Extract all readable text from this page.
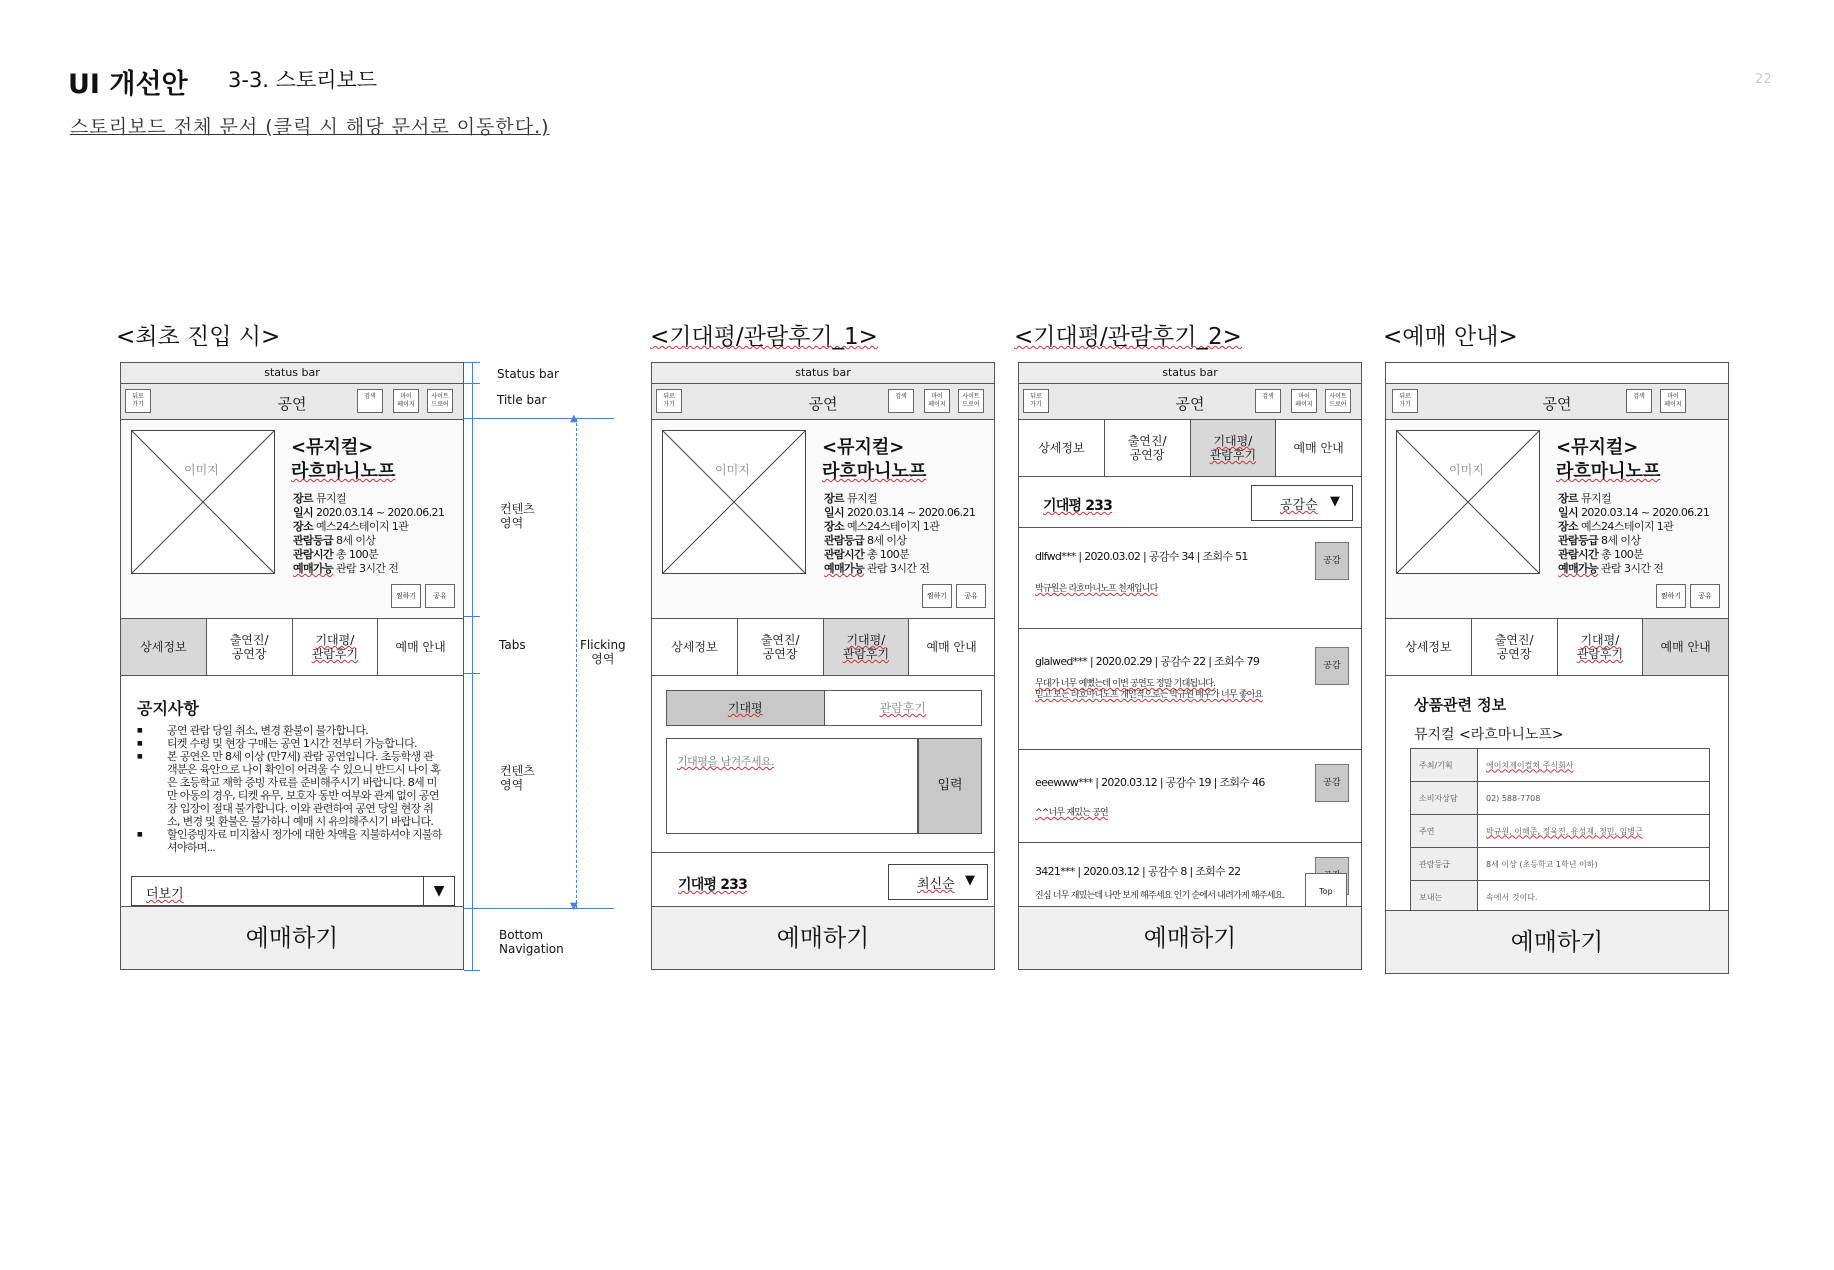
UI 개선안 3-3. 스토리보드	22
스토리보드 전체 문서 (클릭 시 해당 문서로 이동한다.)
<최초 진입 시>	<기대평/관람후기_1>	<기대평/관람후기_2>	<예매 안내>
status bar
뒤로
가기	공연	검색	마이
페이지
사이트
드로어
이미지
<뮤지컬>
라흐마니노프
장르 뮤지컬
일시 2020.03.14 ~ 2020.06.21
장소 예스24스테이지 1관
관람등급 8세 이상
관람시간 총 100분
예매가능 관람 3시간 전
찜하기	공유
상세정보	출연진/
공연장
기대평/
관람후기	예매 안내
공지사항
■ 공연 관람 당일 취소, 변경 환불이 불가합니다.
■ 티켓 수령 및 현장 구매는 공연 1시간 전부터 가능합니다.
■ 본 공연은 만 8세 이상 (만7세) 관람 공연입니다. 초등학생 관객분은 육안으로 나이 확인이 어려울 수 있으니 반드시 나이 혹은 초등학교 재학 증빙 자료를 준비해주시기 바랍니다. 8세 미만 아동의 경우, 티켓 유무, 보호자 동반 여부와 관계 없이 공연장 입장이 절대 불가합니다. 이와 관련하여 공연 당일 현장 취소, 변경 및 환불은 불가하니 예매 시 유의해주시기 바랍니다.
■ 할인증빙자료 미지참시 정가에 대한 차액을 지불하셔야 지불하셔야하며...
더보기	▼
예매하기
▲
▼
Status bar
Title bar
컨텐츠
영역
Tabs	Flicking
영역
컨텐츠
영역
Bottom
Navigation
status bar
뒤로
가기	공연	검색	마이
페이지
사이트
드로어
이미지
<뮤지컬>
라흐마니노프
장르 뮤지컬
일시 2020.03.14 ~ 2020.06.21
장소 예스24스테이지 1관
관람등급 8세 이상
관람시간 총 100분
예매가능 관람 3시간 전
찜하기	공유
상세정보	출연진/
공연장
기대평/
관람후기	예매 안내
기대평	관람후기
기대평을 남겨주세요.
입력
기대평 233	최신순 ▼
예매하기
status bar
뒤로
가기	공연	검색	마이
페이지
사이트
드로어
상세정보	출연진/
공연장
기대평/
관람후기	예매 안내
기대평 233	공감순 ▼
dlfwd*** | 2020.03.02 | 공감수 34 | 조회수 51
박규원은 라흐마니노프 천재입니다
공감
glalwed*** | 2020.02.29 | 공감수 22 | 조회수 79
무대가 너무 예뻤는데 이번 공연도 정말 기대됩니다.
믿고 보는 라흐마니노프 개인적으로는 박규원 배우가 너무 좋아요
공감
eeewww*** | 2020.03.12 | 공감수 19 | 조회수 46
^^너무 재밌는 공연
공감
3421*** | 2020.03.12 | 공감수 8 | 조회수 22
진심 너무 재밌는데 나만 보게 해주세요 인기 순에서 내려가게 해주세요.	Top
예매하기
뒤로
가기	공연	검색	마이
페이지
이미지
<뮤지컬>
라흐마니노프
장르 뮤지컬
일시 2020.03.14 ~ 2020.06.21
장소 예스24스테이지 1관
관람등급 8세 이상
관람시간 총 100분
예매가능 관람 3시간 전
찜하기	공유
상세정보	출연진/
공연장
기대평/
관람후기	예매 안내
상품관련 정보
뮤지컬 <라흐마니노프>
주최/기획	에이치제이컬쳐 주식회사
소비자상담	02) 588-7708
주연	박규원, 이해준, 정욱진, 유성재, 정민, 임병근
관람등급	8세 이상 (초등학교 1학년 이하)
보내는	속에서 것이다.
예매하기
